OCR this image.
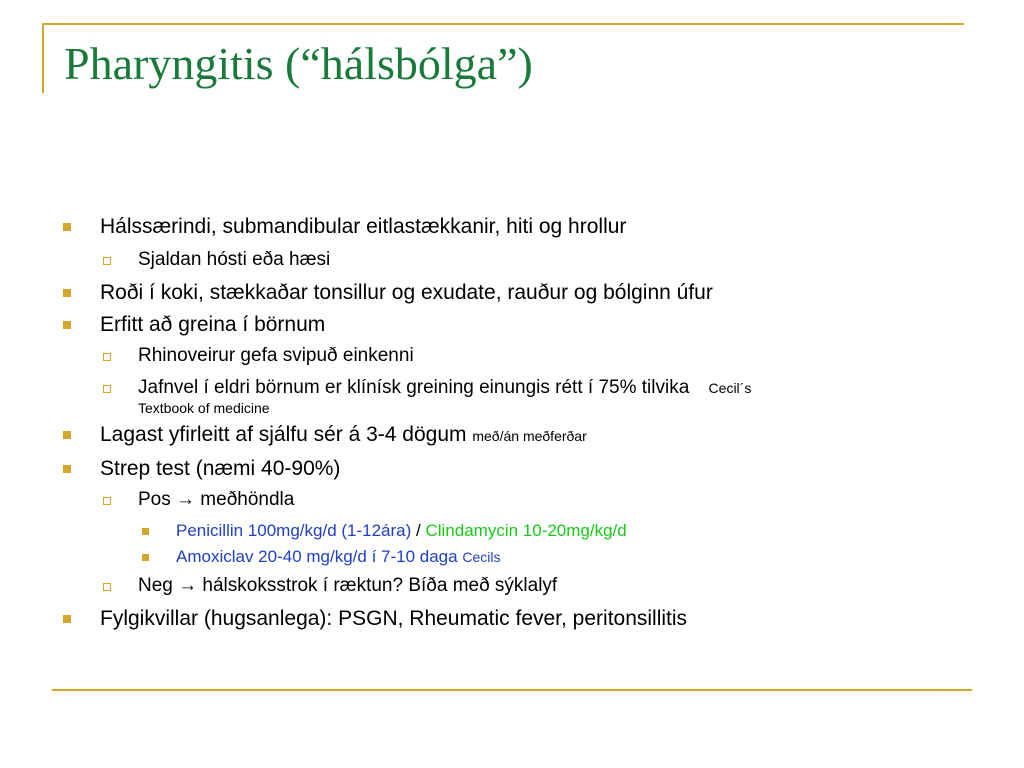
Pharyngitis (“hálsbólga”)
Hálssærindi, submandibular eitlastækkanir, hiti og hrollur
Sjaldan hósti eða hæsi
Roði í koki, stækkaðar tonsillur og exudate, rauður og bólginn úfur
Erfitt að greina í börnum
Rhinoveirur gefa svipuð einkenni
Jafnvel í eldri börnum er klínísk greining einungis rétt í 75% tilvika Cecil´s
Textbook of medicine
Lagast yfirleitt af sjálfu sér á 3-4 dögum með/án meðferðar
Strep test (næmi 40-90%)
Pos → meðhöndla
Penicillin 100mg/kg/d (1-12ára) / Clindamycin 10-20mg/kg/d
Amoxiclav 20-40 mg/kg/d í 7-10 daga Cecils
Neg → hálskoksstrok í ræktun? Bíða með sýklalyf
Fylgikvillar (hugsanlega): PSGN, Rheumatic fever, peritonsillitis
